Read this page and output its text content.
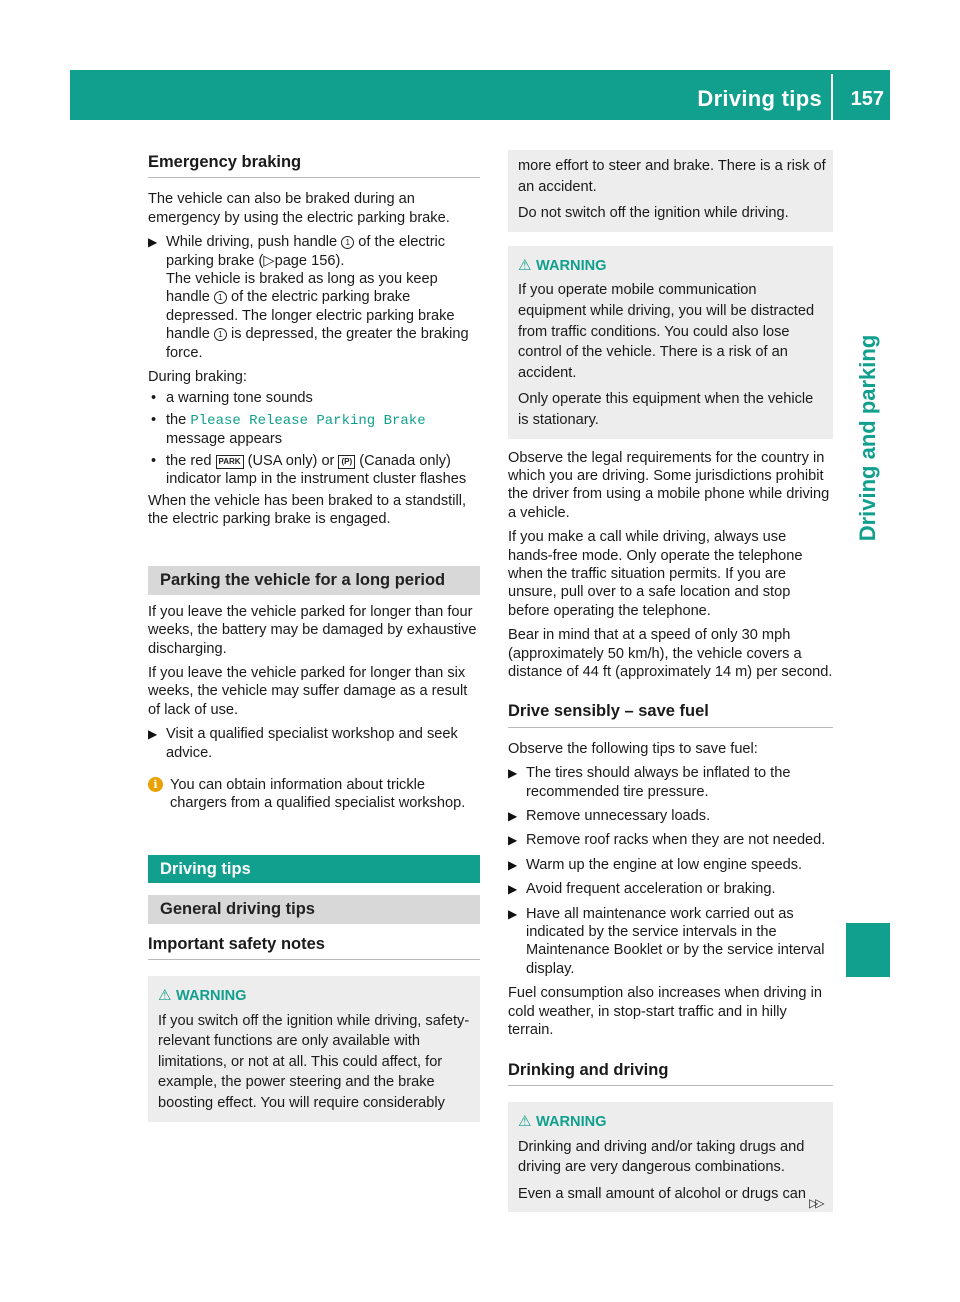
Driving tips 157
Driving and parking
Emergency braking

The vehicle can also be braked during an emergency by using the electric parking brake.

▶ While driving, push handle 1 of the electric parking brake (▷page 156).
The vehicle is braked as long as you keep handle 1 of the electric parking brake depressed. The longer electric parking brake handle 1 is depressed, the greater the braking force.

During braking:

• a warning tone sounds
• the Please Release Parking Brake message appears
• the red PARK (USA only) or (P) (Canada only) indicator lamp in the instrument cluster flashes

When the vehicle has been braked to a standstill, the electric parking brake is engaged.

Parking the vehicle for a long period

If you leave the vehicle parked for longer than four weeks, the battery may be damaged by exhaustive discharging.

If you leave the vehicle parked for longer than six weeks, the vehicle may suffer damage as a result of lack of use.

▶ Visit a qualified specialist workshop and seek advice.
i You can obtain information about trickle chargers from a qualified specialist workshop.
Driving tips
General driving tips
Important safety notes
⚠ WARNING
If you switch off the ignition while driving, safety-relevant functions are only available with limitations, or not at all. This could affect, for example, the power steering and the brake boosting effect. You will require considerably

more effort to steer and brake. There is a risk of an accident.

Do not switch off the ignition while driving.

⚠ WARNING

If you operate mobile communication equipment while driving, you will be distracted from traffic conditions. You could also lose control of the vehicle. There is a risk of an accident.

Only operate this equipment when the vehicle is stationary.

Observe the legal requirements for the country in which you are driving. Some jurisdictions prohibit the driver from using a mobile phone while driving a vehicle.

If you make a call while driving, always use hands-free mode. Only operate the telephone when the traffic situation permits. If you are unsure, pull over to a safe location and stop before operating the telephone.

Bear in mind that at a speed of only 30 mph (approximately 50 km/h), the vehicle covers a distance of 44 ft (approximately 14 m) per second.

Drive sensibly – save fuel

Observe the following tips to save fuel:

▶ The tires should always be inflated to the recommended tire pressure.
▶ Remove unnecessary loads.
▶ Remove roof racks when they are not needed.
▶ Warm up the engine at low engine speeds.
▶ Avoid frequent acceleration or braking.
▶ Have all maintenance work carried out as indicated by the service intervals in the Maintenance Booklet or by the service interval display.

Fuel consumption also increases when driving in cold weather, in stop-start traffic and in hilly terrain.

Drinking and driving
⚠ WARNING

Drinking and driving and/or taking drugs and driving are very dangerous combinations.

Even a small amount of alcohol or drugs can

▷▷
